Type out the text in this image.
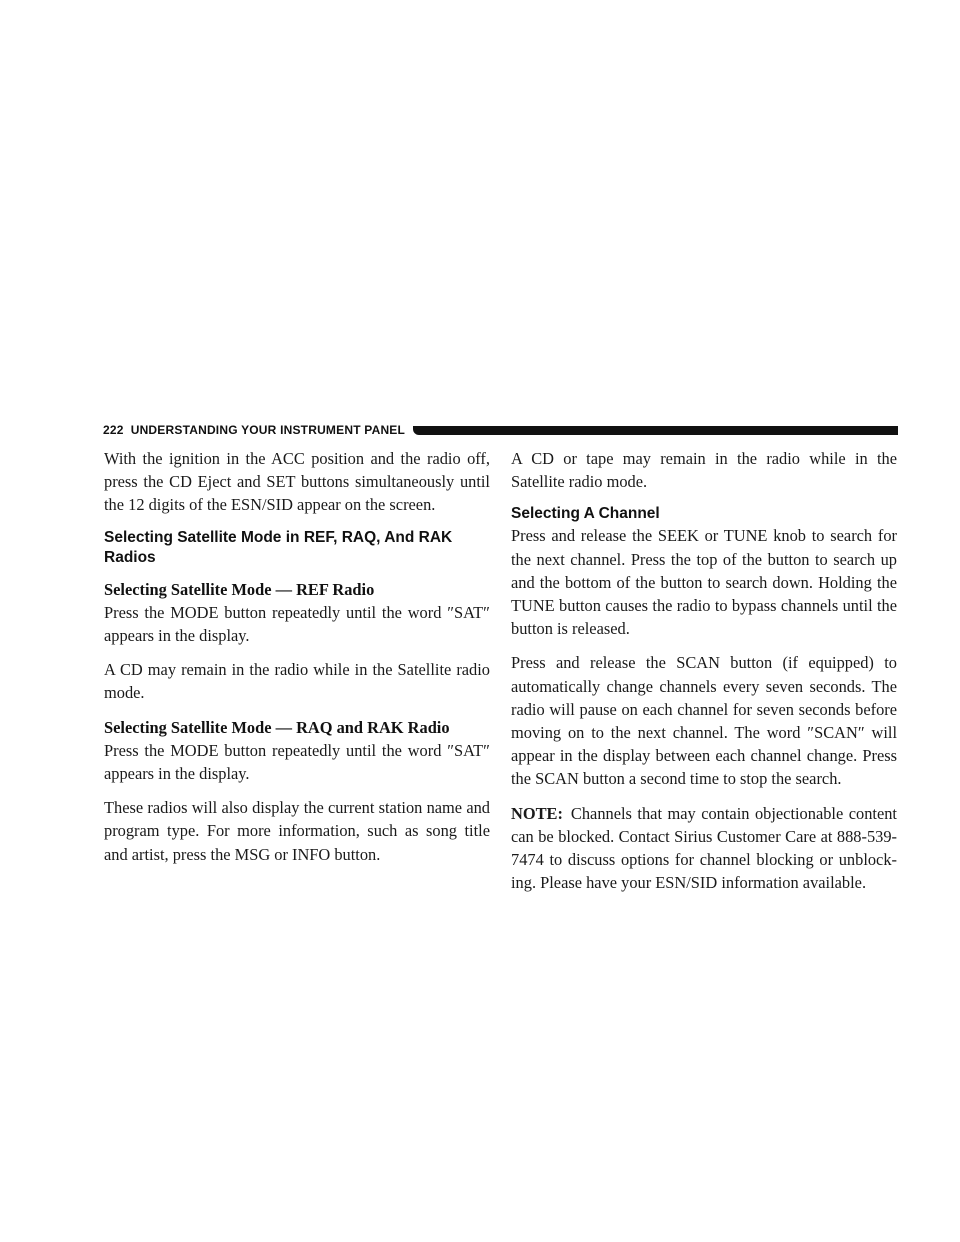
222 UNDERSTANDING YOUR INSTRUMENT PANEL

With the ignition in the ACC position and the radio off, press the CD Eject and SET buttons simultaneously until the 12 digits of the ESN/SID appear on the screen.

Selecting Satellite Mode in REF, RAQ, And RAK Radios
Selecting Satellite Mode — REF Radio

Press the MODE button repeatedly until the word ″SAT″ appears in the display.

A CD may remain in the radio while in the Satellite radio mode.

Selecting Satellite Mode — RAQ and RAK Radio

Press the MODE button repeatedly until the word ″SAT″ appears in the display.

These radios will also display the current station name and program type. For more information, such as song title and artist, press the MSG or INFO button.

A CD or tape may remain in the radio while in the Satellite radio mode.

Selecting A Channel

Press and release the SEEK or TUNE knob to search for the next channel. Press the top of the button to search up and the bottom of the button to search down. Holding the TUNE button causes the radio to bypass channels until the button is released.

Press and release the SCAN button (if equipped) to automatically change channels every seven seconds. The radio will pause on each channel for seven seconds before moving on to the next channel. The word ″SCAN″ will appear in the display between each channel change. Press the SCAN button a second time to stop the search.

NOTE: Channels that may contain objectionable content can be blocked. Contact Sirius Customer Care at 888-539-7474 to discuss options for channel blocking or unblock-ing. Please have your ESN/SID information available.
